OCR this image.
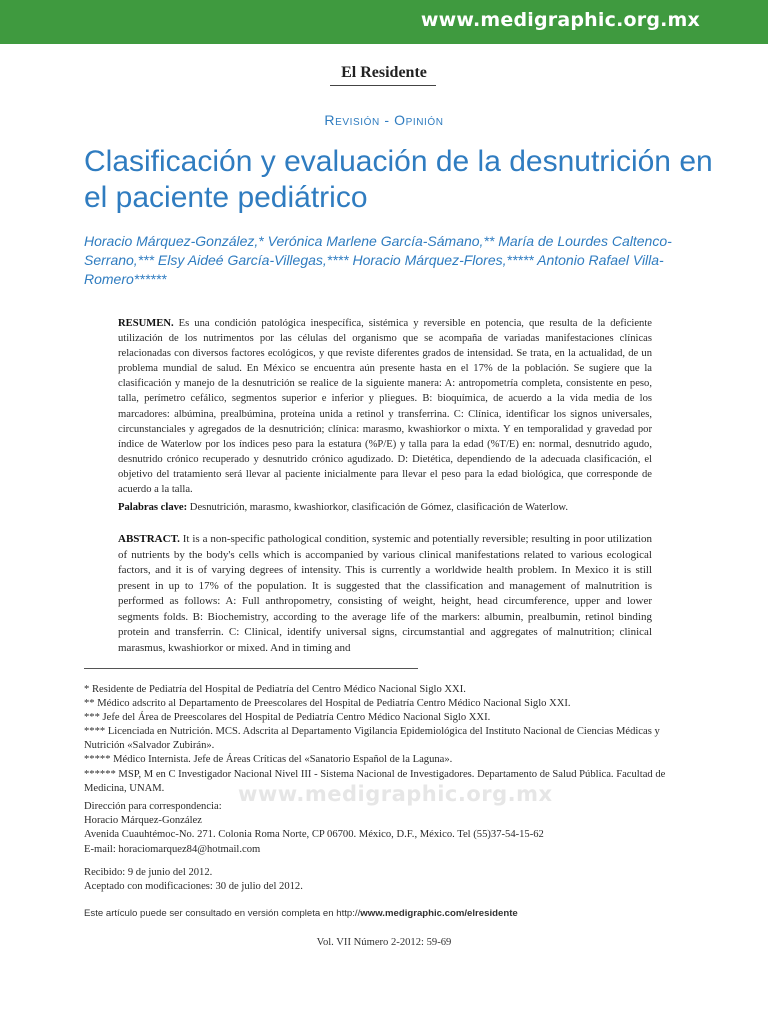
www.medigraphic.org.mx
El Residente
Revisión - Opinión
Clasificación y evaluación de la desnutrición en el paciente pediátrico
Horacio Márquez-González,* Verónica Marlene García-Sámano,** María de Lourdes Caltenco-Serrano,*** Elsy Aideé García-Villegas,**** Horacio Márquez-Flores,***** Antonio Rafael Villa-Romero******
RESUMEN. Es una condición patológica inespecífica, sistémica y reversible en potencia, que resulta de la deficiente utilización de los nutrimentos por las células del organismo que se acompaña de variadas manifestaciones clínicas relacionadas con diversos factores ecológicos, y que reviste diferentes grados de intensidad. Se trata, en la actualidad, de un problema mundial de salud. En México se encuentra aún presente hasta en el 17% de la población. Se sugiere que la clasificación y manejo de la desnutrición se realice de la siguiente manera: A: antropometría completa, consistente en peso, talla, perímetro cefálico, segmentos superior e inferior y pliegues. B: bioquímica, de acuerdo a la vida media de los marcadores: albúmina, prealbúmina, proteína unida a retinol y transferrina. C: Clínica, identificar los signos universales, circunstanciales y agregados de la desnutrición; clínica: marasmo, kwashiorkor o mixta. Y en temporalidad y gravedad por índice de Waterlow por los índices peso para la estatura (%P/E) y talla para la edad (%T/E) en: normal, desnutrido agudo, desnutrido crónico recuperado y desnutrido crónico agudizado. D: Dietética, dependiendo de la adecuada clasificación, el objetivo del tratamiento será llevar al paciente inicialmente para llevar el peso para la edad biológica, que corresponde de acuerdo a la talla.
Palabras clave: Desnutrición, marasmo, kwashiorkor, clasificación de Gómez, clasificación de Waterlow.
ABSTRACT. It is a non-specific pathological condition, systemic and potentially reversible; resulting in poor utilization of nutrients by the body's cells which is accompanied by various clinical manifestations related to various ecological factors, and it is of varying degrees of intensity. This is currently a worldwide health problem. In Mexico it is still present in up to 17% of the population. It is suggested that the classification and management of malnutrition is performed as follows: A: Full anthropometry, consisting of weight, height, head circumference, upper and lower segments folds. B: Biochemistry, according to the average life of the markers: albumin, prealbumin, retinol binding protein and transferrin. C: Clinical, identify universal signs, circumstantial and aggregates of malnutrition; clinical marasmus, kwashiorkor or mixed. And in timing and
* Residente de Pediatría del Hospital de Pediatría del Centro Médico Nacional Siglo XXI.
** Médico adscrito al Departamento de Preescolares del Hospital de Pediatría Centro Médico Nacional Siglo XXI.
*** Jefe del Área de Preescolares del Hospital de Pediatría Centro Médico Nacional Siglo XXI.
**** Licenciada en Nutrición. MCS. Adscrita al Departamento Vigilancia Epidemiológica del Instituto Nacional de Ciencias Médicas y Nutrición «Salvador Zubirán».
***** Médico Internista. Jefe de Áreas Críticas del «Sanatorio Español de la Laguna».
****** MSP, M en C Investigador Nacional Nivel III - Sistema Nacional de Investigadores. Departamento de Salud Pública. Facultad de Medicina, UNAM.	www.medigraphic.org.mx
Dirección para correspondencia:
Horacio Márquez-González
Avenida Cuauhtémoc-No. 271. Colonia Roma Norte, CP 06700. México, D.F., México. Tel (55)37-54-15-62
E-mail: horaciomarquez84@hotmail.com
Recibido: 9 de junio del 2012.
Aceptado con modificaciones: 30 de julio del 2012.
Este artículo puede ser consultado en versión completa en http://www.medigraphic.com/elresidente
Vol. VII Número 2-2012: 59-69
